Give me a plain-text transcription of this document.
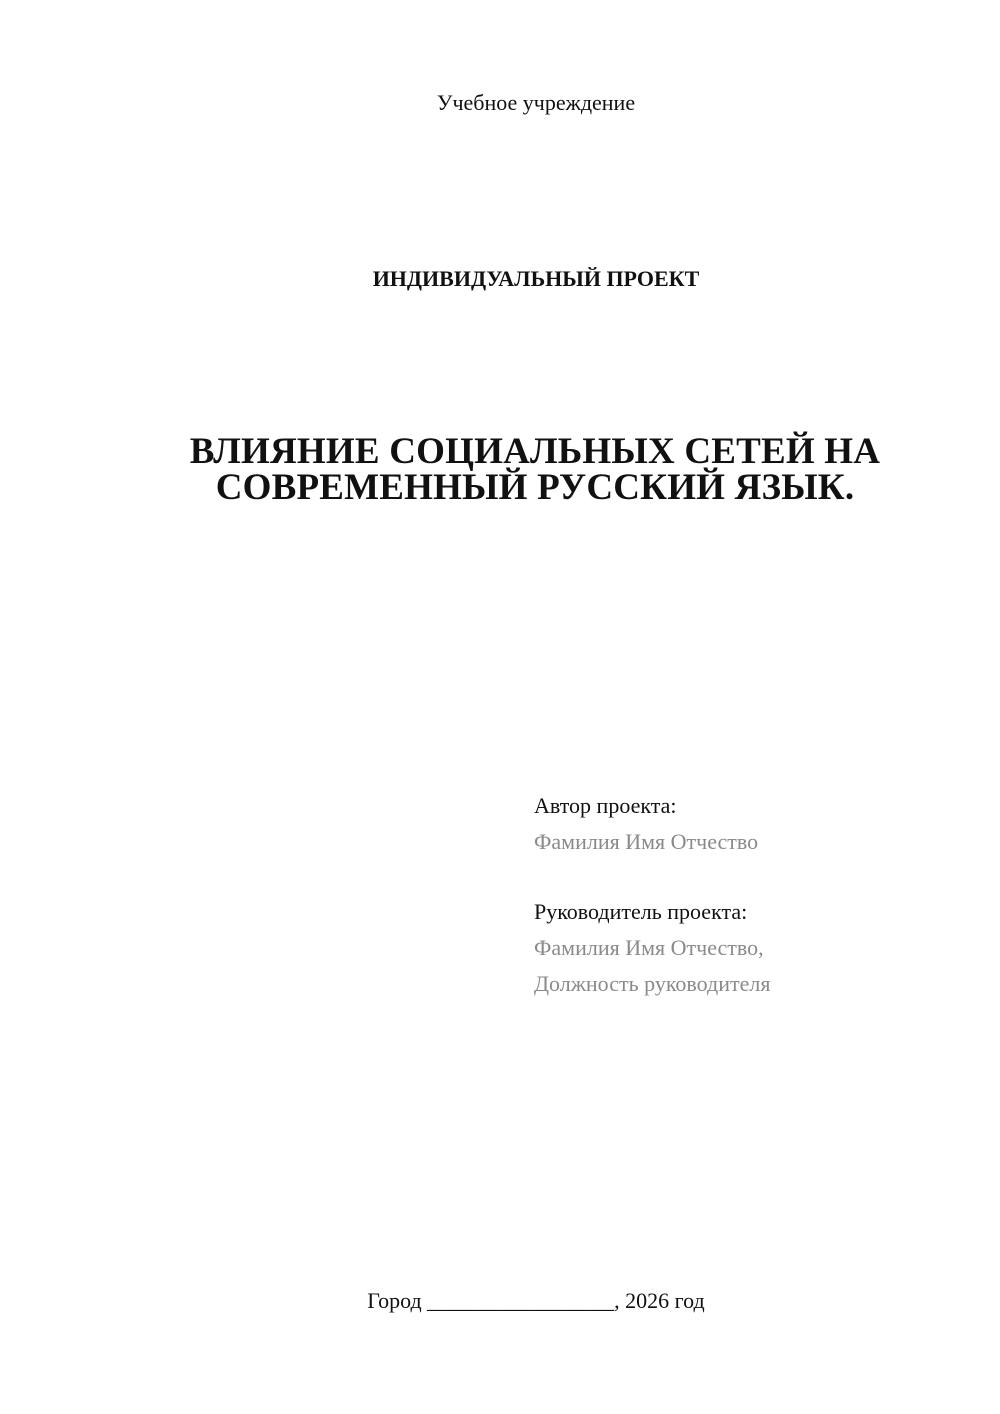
Учебное учреждение
ИНДИВИДУАЛЬНЫЙ ПРОЕКТ
ВЛИЯНИЕ СОЦИАЛЬНЫХ СЕТЕЙ НА
СОВРЕМЕННЫЙ РУССКИЙ ЯЗЫК.
Автор проекта:
Фамилия Имя Отчество
Руководитель проекта:
Фамилия Имя Отчество,
Должность руководителя
Город _________________, 2026 год
